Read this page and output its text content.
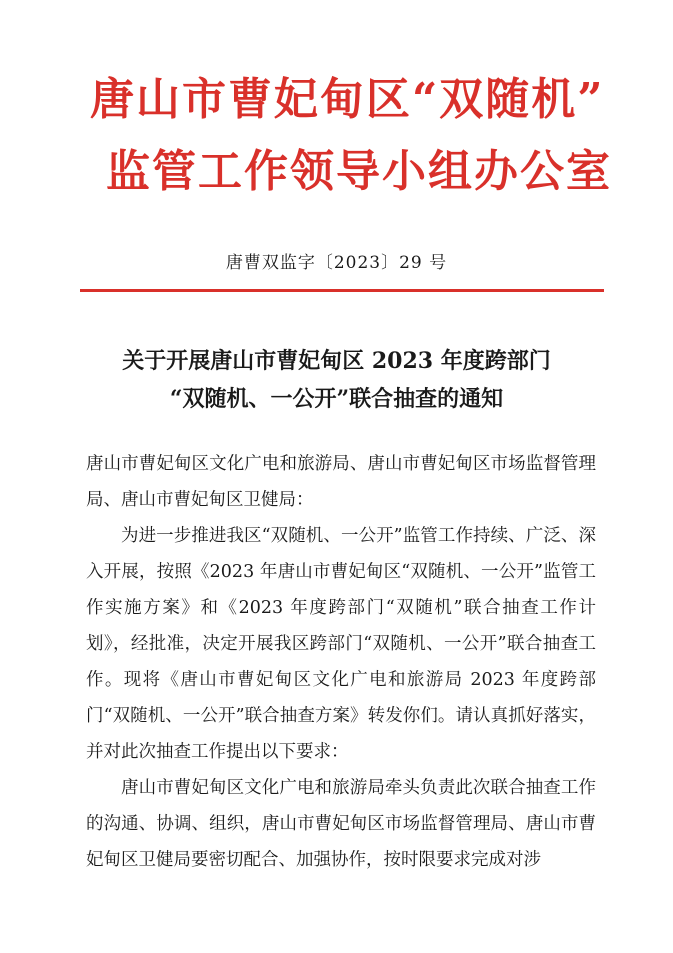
唐山市曹妃甸区“双随机”
监管工作领导小组办公室
唐曹双监字〔2023〕29 号
关于开展唐山市曹妃甸区 2023 年度跨部门
“双随机、一公开”联合抽查的通知
唐山市曹妃甸区文化广电和旅游局、唐山市曹妃甸区市场监督管理局、唐山市曹妃甸区卫健局：
为进一步推进我区“双随机、一公开”监管工作持续、广泛、深入开展，按照《2023 年唐山市曹妃甸区“双随机、一公开”监管工作实施方案》和《2023 年度跨部门“双随机”联合抽查工作计划》，经批准，决定开展我区跨部门“双随机、一公开”联合抽查工作。现将《唐山市曹妃甸区文化广电和旅游局 2023 年度跨部门“双随机、一公开”联合抽查方案》转发你们。请认真抓好落实，并对此次抽查工作提出以下要求：
唐山市曹妃甸区文化广电和旅游局牵头负责此次联合抽查工作的沟通、协调、组织，唐山市曹妃甸区市场监督管理局、唐山市曹妃甸区卫健局要密切配合、加强协作，按时限要求完成对涉
